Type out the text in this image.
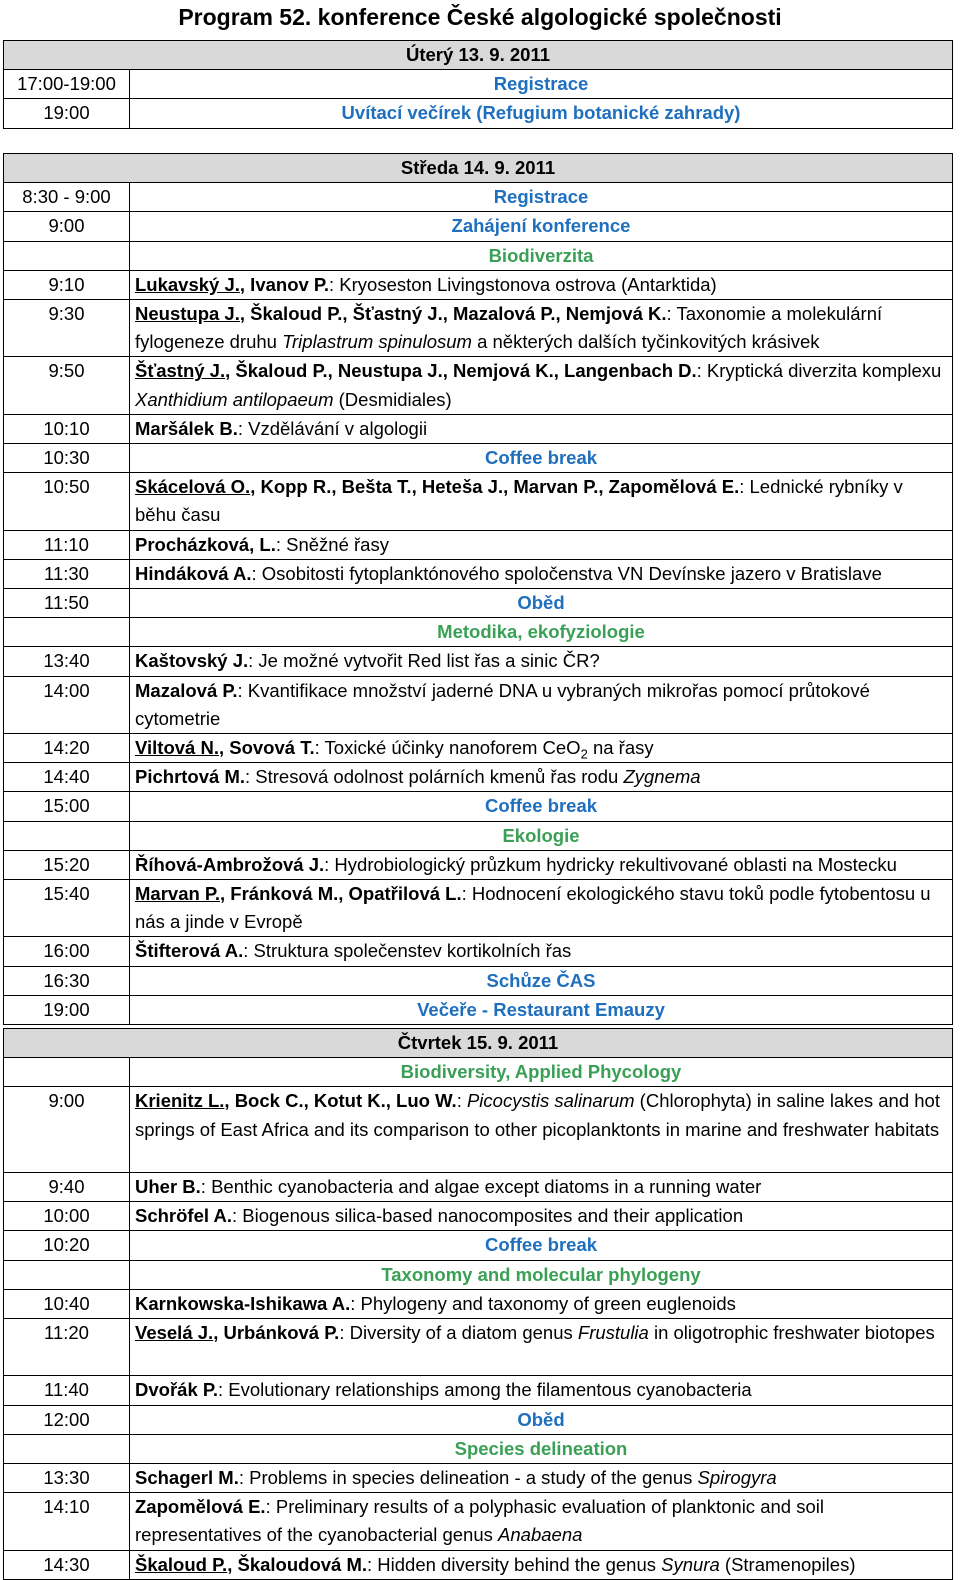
Program 52. konference České algologické společnosti
Úterý 13. 9. 2011	
17:00-19:00	Registrace
19:00	Uvítací večírek (Refugium botanické zahrady)
Středa 14. 9. 2011	
8:30 - 9:00	Registrace
9:00	Zahájení konference
	Biodiverzita
9:10	Lukavský J., Ivanov P.: Kryoseston Livingstonova ostrova (Antarktida)
9:30	Neustupa J., Škaloud P., Šťastný J., Mazalová P., Nemjová K.: Taxonomie a molekulární fylogeneze druhu Triplastrum spinulosum a některých dalších tyčinkovitých krásivek
9:50	Šťastný J., Škaloud P., Neustupa J., Nemjová K., Langenbach D.: Kryptická diverzita komplexu Xanthidium antilopaeum (Desmidiales)
10:10	Maršálek B.: Vzdělávání v algologii
10:30	Coffee break
10:50	Skácelová O., Kopp R., Bešta T., Heteša J., Marvan P., Zapomělová E.: Lednické rybníky v běhu času
11:10	Procházková, L.: Sněžné řasy
11:30	Hindáková A.: Osobitosti fytoplanktónového spoločenstva VN Devínske jazero v Bratislave
11:50	Oběd
	Metodika, ekofyziologie
13:40	Kaštovský J.: Je možné vytvořit Red list řas a sinic ČR?
14:00	Mazalová P.: Kvantifikace množství jaderné DNA u vybraných mikrořas pomocí průtokové cytometrie
14:20	Viltová N., Sovová T.: Toxické účinky nanoforem CeO$_2$ na řasy
14:40	Pichrtová M.: Stresová odolnost polárních kmenů řas rodu Zygnema
15:00	Coffee break
	Ekologie
15:20	Říhová-Ambrožová J.: Hydrobiologický průzkum hydricky rekultivované oblasti na Mostecku
15:40	Marvan P., Fránková M., Opatřilová L.: Hodnocení ekologického stavu toků podle fytobentosu u nás a jinde v Evropě
16:00	Štifterová A.: Struktura společenstev kortikolních řas
16:30	Schůze ČAS
19:00	Večeře - Restaurant Emauzy
Čtvrtek 15. 9. 2011	
	Biodiversity, Applied Phycology
9:00	Krienitz L., Bock C., Kotut K., Luo W.: Picocystis salinarum (Chlorophyta) in saline lakes and hot springs of East Africa and its comparison to other picoplanktonts in marine and freshwater habitats
9:40	Uher B.: Benthic cyanobacteria and algae except diatoms in a running water
10:00	Schröfel A.: Biogenous silica-based nanocomposites and their application
10:20	Coffee break
	Taxonomy and molecular phylogeny
10:40	Karnkowska-Ishikawa A.: Phylogeny and taxonomy of green euglenoids
11:20	Veselá J., Urbánková P.: Diversity of a diatom genus Frustulia in oligotrophic freshwater biotopes
11:40	Dvořák P.: Evolutionary relationships among the filamentous cyanobacteria
12:00	Oběd
	Species delineation
13:30	Schagerl M.: Problems in species delineation - a study of the genus Spirogyra
14:10	Zapomělová E.: Preliminary results of a polyphasic evaluation of planktonic and soil representatives of the cyanobacterial genus Anabaena
14:30	Škaloud P., Škaloudová M.: Hidden diversity behind the genus Synura (Stramenopiles)
